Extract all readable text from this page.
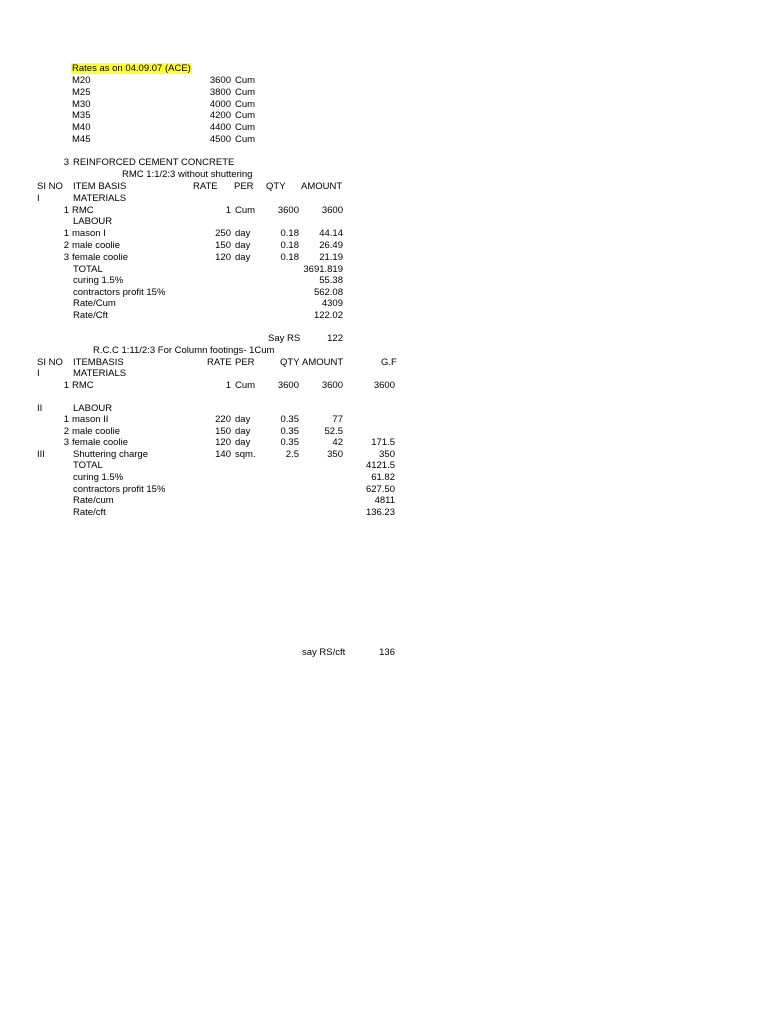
Rates as on 04.09.07 (ACE)
M20	3600 Cum
M25	3800 Cum
M30	4000 Cum
M35	4200 Cum
M40	4400 Cum
M45	4500 Cum
3 REINFORCED CEMENT CONCRETE
RMC 1:1/2:3 without shuttering
SI NO ITEM BASIS	RATE PER QTY AMOUNT
I	MATERIALS
1 RMC	1 Cum	3600	3600
LABOUR
1 mason I	250 day	0.18	44.14
2 male coolie	150 day	0.18	26.49
3 female coolie	120 day	0.18	21.19
TOTAL	3691.819
curing 1.5%	55.38
contractors profit 15%	562.08
Rate/Cum	4309
Rate/Cft	122.02
Say RS	122
R.C.C 1:11/2:3 For Column footings- 1Cum
SI NO ITEMBASIS	RATE PER	QTY AMOUNT	G.F
I	MATERIALS
1 RMC	1 Cum	3600	3600	3600
II	LABOUR
1 mason II	220 day	0.35	77
2 male coolie	150 day	0.35	52.5
3 female coolie	120 day	0.35	42	171.5
III	Shuttering charge	140 sqm.	2.5	350	350
TOTAL	4121.5
curing 1.5%	61.82
contractors profit 15%	627.50
Rate/cum	4811
Rate/cft	136.23
say RS/cft	136
